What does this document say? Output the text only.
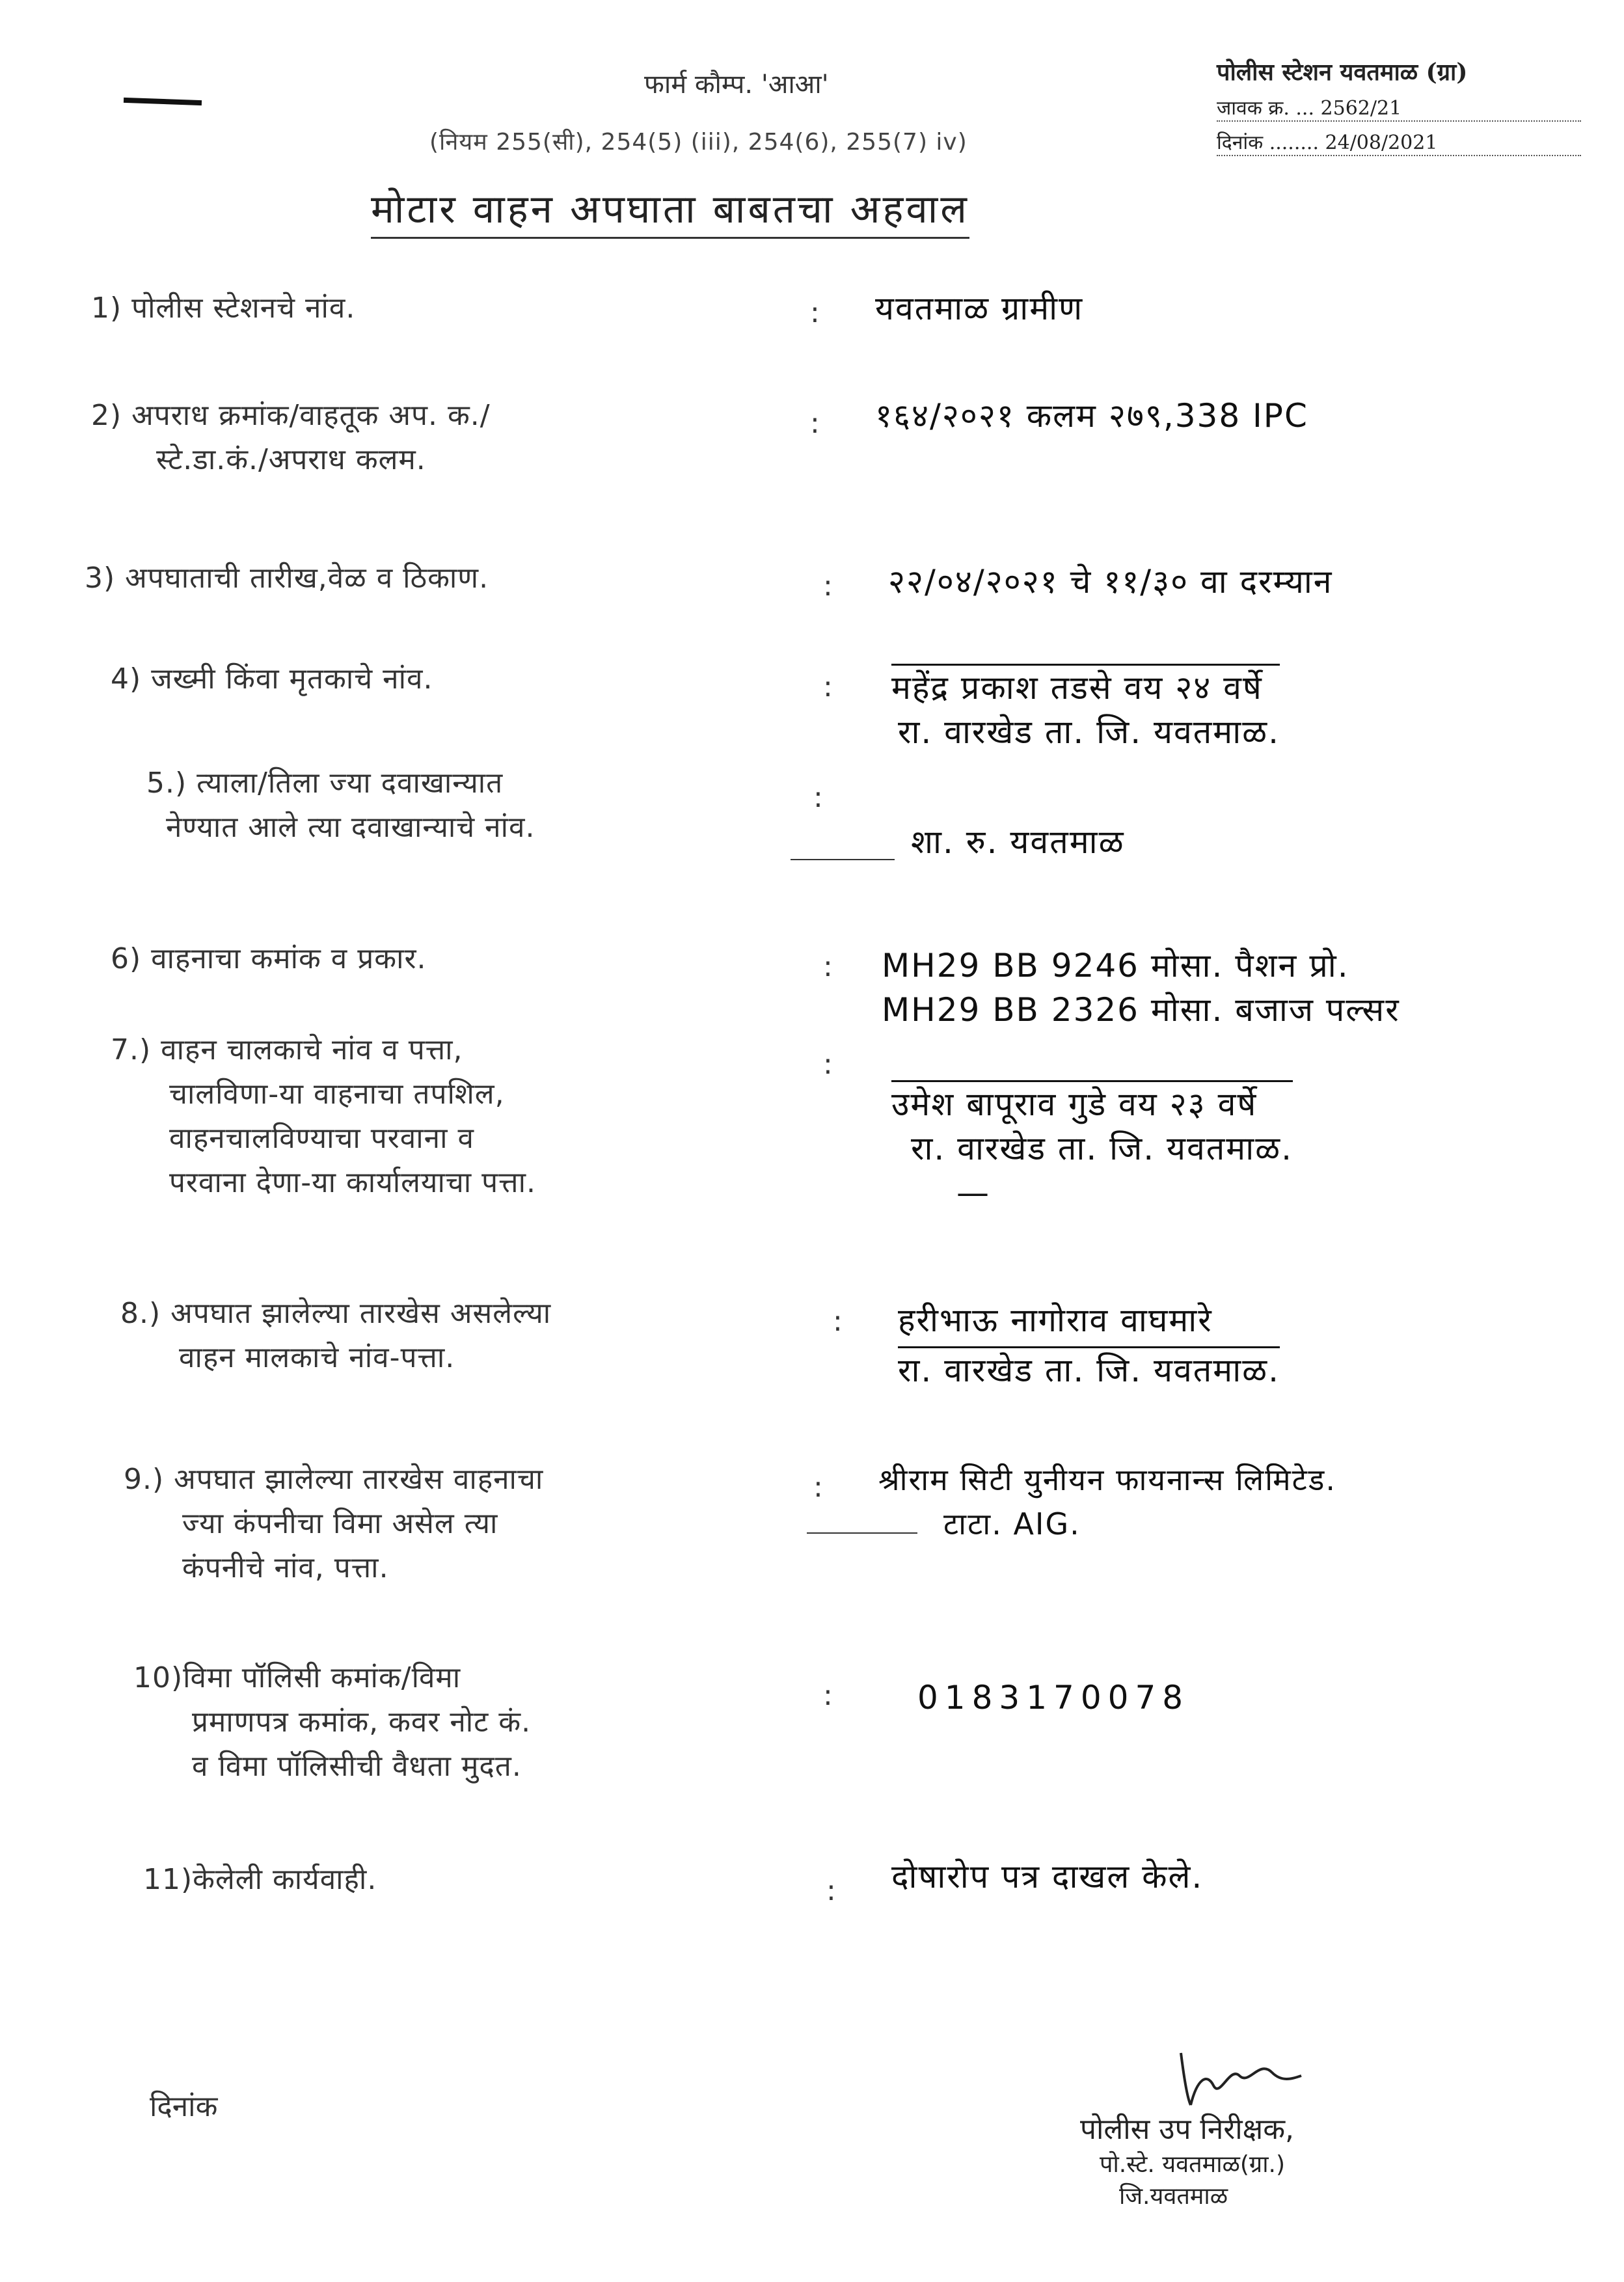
फार्म कौम्प. 'आआ'
(नियम 255(सी), 254(5) (iii), 254(6), 255(7) iv)
मोटार वाहन अपघाता बाबतचा अहवाल
पोलीस स्टेशन यवतमाळ (ग्रा)
जावक क्र. ... 2562/21
दिनांक ........ 24/08/2021
1) पोलीस स्टेशनचे नांव.	: यवतमाळ ग्रामीण
2) अपराध क्रमांक/वाहतूक अप. क./
स्टे.डा.कं./अपराध कलम.
: १६४/२०२१ कलम २७९,338 IPC
3) अपघाताची तारीख,वेळ व ठिकाण.	: २२/०४/२०२१ चे ११/३० वा दरम्यान
4) जख्मी किंवा मृतकाचे नांव.	: महेंद्र प्रकाश तडसे वय २४ वर्षे
रा. वारखेड ता. जि. यवतमाळ.
5.) त्याला/तिला ज्या दवाखान्यात
नेण्यात आले त्या दवाखान्याचे नांव.
:
शा. रु. यवतमाळ
6) वाहनाचा कमांक व प्रकार.	: MH29 BB 9246 मोसा. पैशन प्रो.
MH29 BB 2326 मोसा. बजाज पल्सर
7.) वाहन चालकाचे नांव व पत्ता,
चालविणा-या वाहनाचा तपशिल,
वाहनचालविण्याचा परवाना व
परवाना देणा-या कार्यालयाचा पत्ता.
:
उमेश बापूराव गुडे वय २३ वर्षे
रा. वारखेड ता. जि. यवतमाळ.
—
8.) अपघात झालेल्या तारखेस असलेल्या
वाहन मालकाचे नांव-पत्ता.
: हरीभाऊ नागोराव वाघमारे
रा. वारखेड ता. जि. यवतमाळ.
9.) अपघात झालेल्या तारखेस वाहनाचा
ज्या कंपनीचा विमा असेल त्या
कंपनीचे नांव, पत्ता.
: श्रीराम सिटी युनीयन फायनान्स लिमिटेड.
टाटा. AIG.
10)विमा पॉलिसी कमांक/विमा
प्रमाणपत्र कमांक, कवर नोट कं.
व विमा पॉलिसीची वैधता मुदत.
:	0183170078
11)केलेली कार्यवाही.	: दोषारोप पत्र दाखल केले.
दिनांक
पोलीस उप निरीक्षक,
पो.स्टे. यवतमाळ(ग्रा.)
जि.यवतमाळ
